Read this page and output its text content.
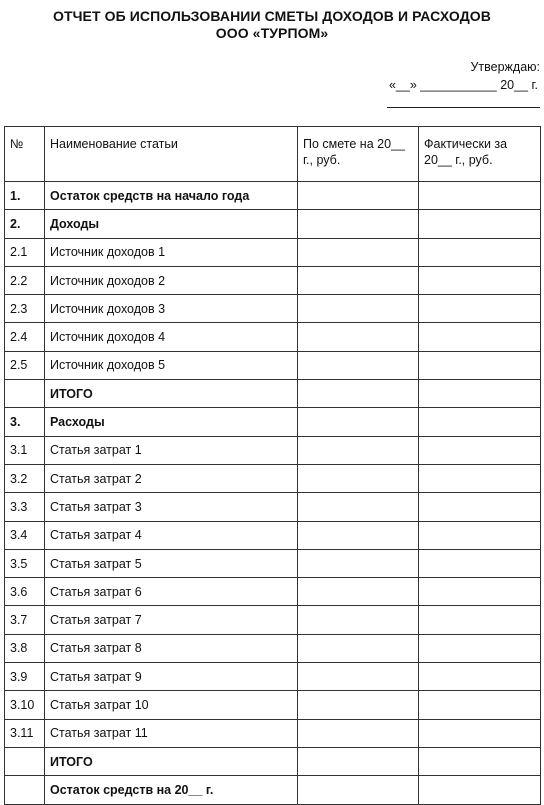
ОТЧЕТ ОБ ИСПОЛЬЗОВАНИИ СМЕТЫ ДОХОДОВ И РАСХОДОВ
ООО «ТУРПОМ»
Утверждаю:
«__» ___________ 20__ г.
№	Наименование статьи	По смете на 20__ г., руб.	Фактически за 20__ г., руб.
1.	Остаток средств на начало года		
2.	Доходы		
2.1	Источник доходов 1		
2.2	Источник доходов 2		
2.3	Источник доходов 3		
2.4	Источник доходов 4		
2.5	Источник доходов 5		
	ИТОГО		
3.	Расходы		
3.1	Статья затрат 1		
3.2	Статья затрат 2		
3.3	Статья затрат 3		
3.4	Статья затрат 4		
3.5	Статья затрат 5		
3.6	Статья затрат 6		
3.7	Статья затрат 7		
3.8	Статья затрат 8		
3.9	Статья затрат 9		
3.10	Статья затрат 10		
3.11	Статья затрат 11		
	ИТОГО		
	Остаток средств на 20__ г.		
